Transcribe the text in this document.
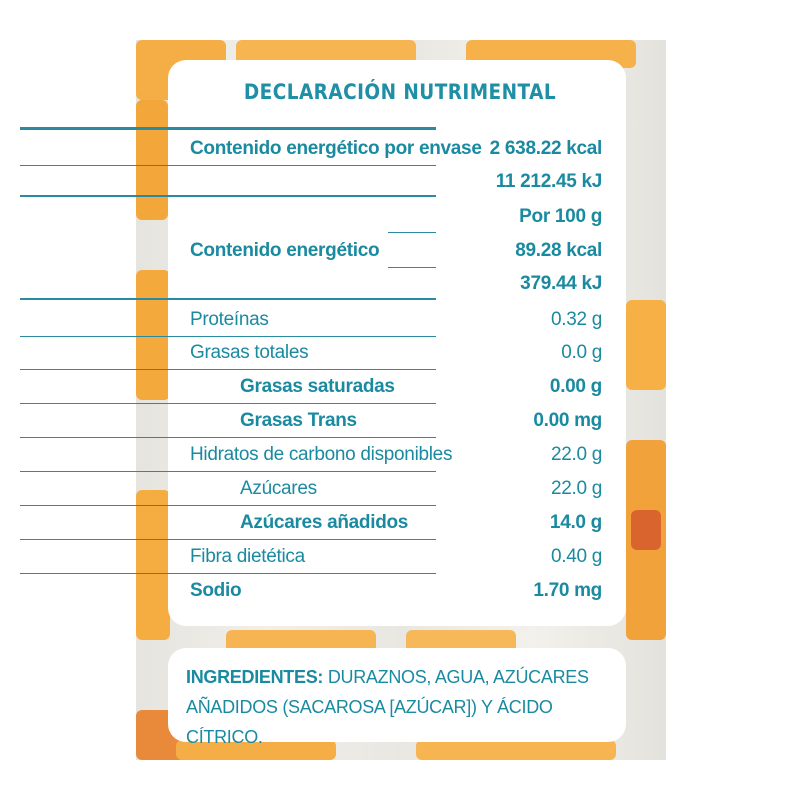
DECLARACIÓN NUTRIMENTAL
Contenido energético por envase 2 638.22 kcal
11 212.45 kJ
Por 100 g
Contenido energético	89.28 kcal
379.44 kJ
Proteínas	0.32 g
Grasas totales	0.0 g
Grasas saturadas	0.00 g
Grasas Trans	0.00 mg
Hidratos de carbono disponibles	22.0 g
Azúcares	22.0 g
Azúcares añadidos	14.0 g
Fibra dietética	0.40 g
Sodio	1.70 mg
INGREDIENTES: DURAZNOS, AGUA, AZÚCARES AÑADIDOS (SACAROSA [AZÚCAR]) Y ÁCIDO CÍTRICO.
